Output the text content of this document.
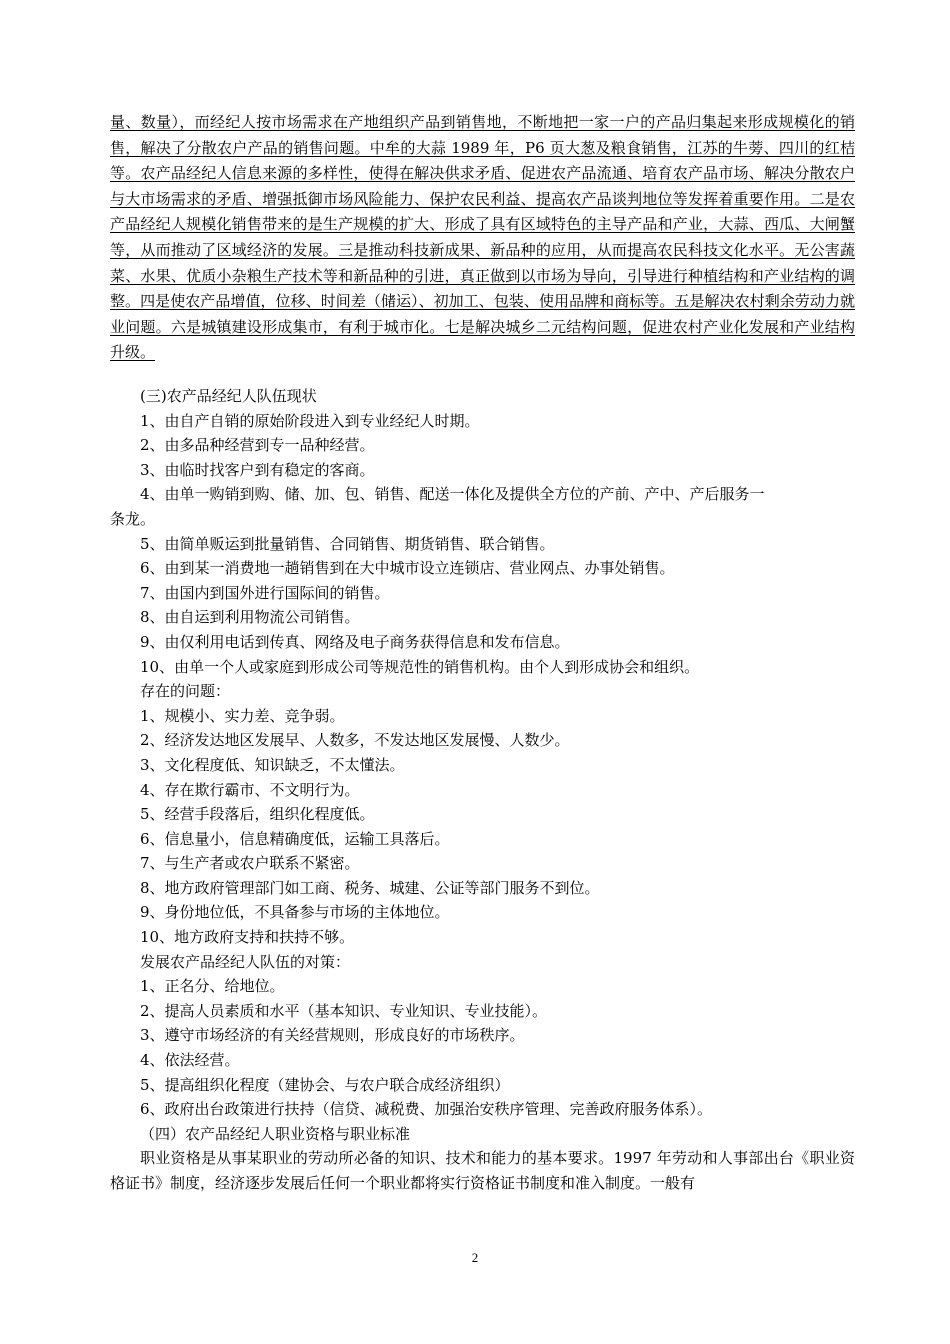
量、数量），而经纪人按市场需求在产地组织产品到销售地，不断地把一家一户的产品归集起来形成规模化的销售，解决了分散农户产品的销售问题。中牟的大蒜 1989 年，P6 页大葱及粮食销售，江苏的牛蒡、四川的红桔等。农产品经纪人信息来源的多样性，使得在解决供求矛盾、促进农产品流通、培育农产品市场、解决分散农户与大市场需求的矛盾、增强抵御市场风险能力、保护农民利益、提高农产品谈判地位等发挥着重要作用。二是农产品经纪人规模化销售带来的是生产规模的扩大、形成了具有区域特色的主导产品和产业，大蒜、西瓜、大闸蟹等，从而推动了区域经济的发展。三是推动科技新成果、新品种的应用，从而提高农民科技文化水平。无公害蔬菜、水果、优质小杂粮生产技术等和新品种的引进，真正做到以市场为导向，引导进行种植结构和产业结构的调整。四是使农产品增值，位移、时间差（储运）、初加工、包装、使用品牌和商标等。五是解决农村剩余劳动力就业问题。六是城镇建设形成集市，有利于城市化。七是解决城乡二元结构问题，促进农村产业化发展和产业结构升级。
(三)农产品经纪人队伍现状
1、由自产自销的原始阶段进入到专业经纪人时期。
2、由多品种经营到专一品种经营。
3、由临时找客户到有稳定的客商。
4、由单一购销到购、储、加、包、销售、配送一体化及提供全方位的产前、产中、产后服务一
条龙。
5、由简单贩运到批量销售、合同销售、期货销售、联合销售。
6、由到某一消费地一趟销售到在大中城市设立连锁店、营业网点、办事处销售。
7、由国内到国外进行国际间的销售。
8、由自运到利用物流公司销售。
9、由仅利用电话到传真、网络及电子商务获得信息和发布信息。
10、由单一个人或家庭到形成公司等规范性的销售机构。由个人到形成协会和组织。
存在的问题：
1、规模小、实力差、竞争弱。
2、经济发达地区发展早、人数多，不发达地区发展慢、人数少。
3、文化程度低、知识缺乏，不太懂法。
4、存在欺行霸市、不文明行为。
5、经营手段落后，组织化程度低。
6、信息量小，信息精确度低，运输工具落后。
7、与生产者或农户联系不紧密。
8、地方政府管理部门如工商、税务、城建、公证等部门服务不到位。
9、身份地位低，不具备参与市场的主体地位。
10、地方政府支持和扶持不够。
发展农产品经纪人队伍的对策：
1、正名分、给地位。
2、提高人员素质和水平（基本知识、专业知识、专业技能）。
3、遵守市场经济的有关经营规则，形成良好的市场秩序。
4、依法经营。
5、提高组织化程度（建协会、与农户联合成经济组织）
6、政府出台政策进行扶持（信贷、减税费、加强治安秩序管理、完善政府服务体系）。
（四）农产品经纪人职业资格与职业标准
职业资格是从事某职业的劳动所必备的知识、技术和能力的基本要求。1997 年劳动和人事部出台《职业资格证书》制度，经济逐步发展后任何一个职业都将实行资格证书制度和准入制度。一般有
2
